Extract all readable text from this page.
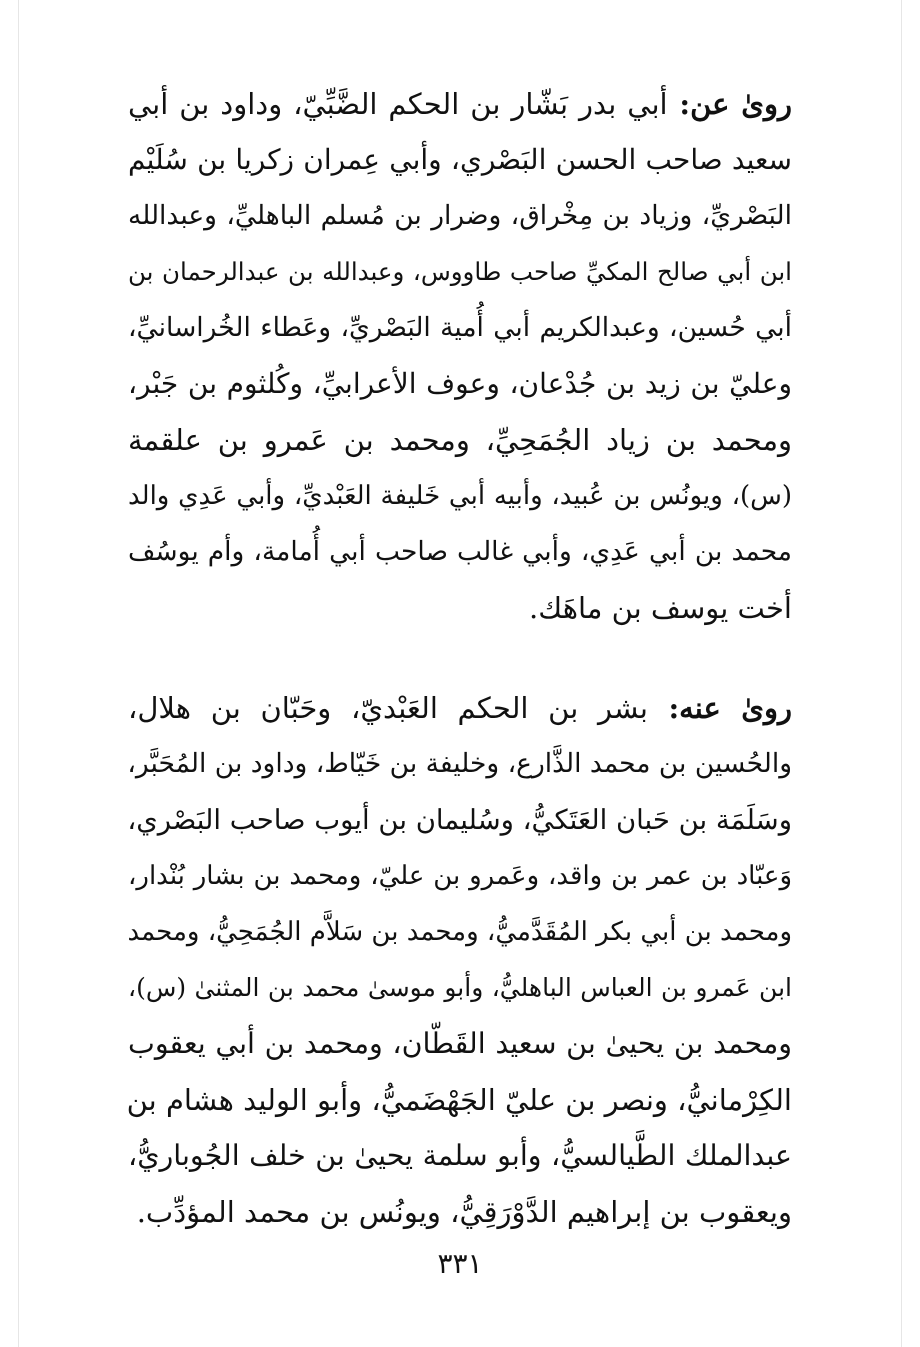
روىٰ عن: أبي بدر بَشّار بن الحكم الضَّبِّيّ، وداود بن أبي
سعيد صاحب الحسن البَصْري، وأبي عِمران زكريا بن سُلَيْم
البَصْريِّ، وزياد بن مِخْراق، وضرار بن مُسلم الباهليِّ، وعبدالله
ابن أبي صالح المكيِّ صاحب طاووس، وعبدالله بن عبدالرحمان بن
أبي حُسين، وعبدالكريم أبي أُمية البَصْريِّ، وعَطاء الخُراسانيِّ،
وعليّ بن زيد بن جُدْعان، وعوف الأعرابيِّ، وكُلثوم بن جَبْر،
ومحمد بن زياد الجُمَحِيِّ، ومحمد بن عَمرو بن علقمة
(س)، ويونُس بن عُبيد، وأبيه أبي خَليفة العَبْديِّ، وأبي عَدِي والد
محمد بن أبي عَدِي، وأبي غالب صاحب أبي أُمامة، وأم يوسُف
أخت يوسف بن ماهَك.
روىٰ عنه: بشر بن الحكم العَبْديّ، وحَبّان بن هلال،
والحُسين بن محمد الذَّارع، وخليفة بن خَيّاط، وداود بن المُحَبَّر،
وسَلَمَة بن حَبان العَتَكيُّ، وسُليمان بن أيوب صاحب البَصْري،
وَعبّاد بن عمر بن واقد، وعَمرو بن عليّ، ومحمد بن بشار بُنْدار،
ومحمد بن أبي بكر المُقَدَّميُّ، ومحمد بن سَلاَّم الجُمَحِيُّ، ومحمد
ابن عَمرو بن العباس الباهليُّ، وأبو موسىٰ محمد بن المثنىٰ (س)،
ومحمد بن يحيىٰ بن سعيد القَطّان، ومحمد بن أبي يعقوب
الكِرْمانيُّ، ونصر بن عليّ الجَهْضَميُّ، وأبو الوليد هشام بن
عبدالملك الطَّيالسيُّ، وأبو سلمة يحيىٰ بن خلف الجُوباريُّ،
ويعقوب بن إبراهيم الدَّوْرَقِيُّ، ويونُس بن محمد المؤدِّب.
٣٣١
